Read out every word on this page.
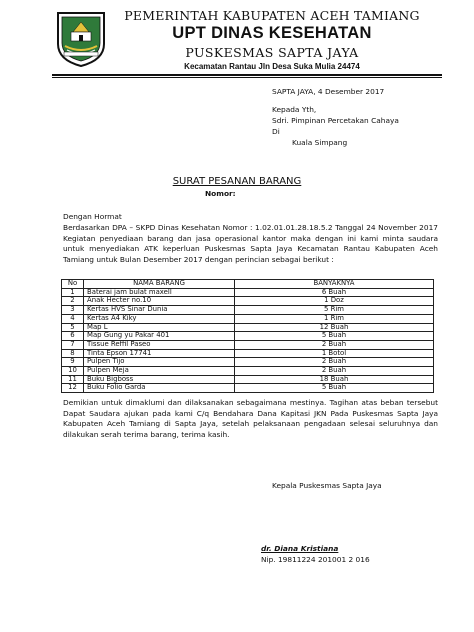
PEMERINTAH KABUPATEN ACEH TAMIANG
UPT DINAS KESEHATAN
PUSKESMAS SAPTA JAYA
Kecamatan Rantau Jln Desa Suka Mulia 24474
SAPTA JAYA, 4 Desember 2017
Kepada Yth,
Sdri. Pimpinan Percetakan Cahaya
Di
Kuala Simpang
SURAT PESANAN BARANG
Nomor:
Dengan Hormat
Berdasarkan DPA – SKPD Dinas Kesehatan Nomor : 1.02.01.01.28.18.5.2 Tanggal 24 November 2017 Kegiatan penyediaan barang dan jasa operasional kantor maka dengan ini kami minta saudara untuk menyediakan ATK keperluan Puskesmas Sapta Jaya Kecamatan Rantau Kabupaten Aceh Tamiang untuk Bulan Desember 2017 dengan perincian sebagai berikut :
No	NAMA BARANG	BANYAKNYA
1	Baterai jam bulat maxell	6 Buah
2	Anak Hecter no.10	1 Doz
3	Kertas HVS Sinar Dunia	5 Rim
4	Kertas A4 Kiky	1 Rim
5	Map L	12 Buah
6	Map Gung yu Pakar 401	5 Buah
7	Tissue Reffil Paseo	2 Buah
8	Tinta Epson 17741	1 Botol
9	Pulpen Tijo	2 Buah
10	Pulpen Meja	2 Buah
11	Buku Bigboss	18 Buah
12	Buku Folio Garda	5 Buah
Demikian untuk dimaklumi dan dilaksanakan sebagaimana mestinya. Tagihan atas beban tersebut Dapat Saudara ajukan pada kami C/q Bendahara Dana Kapitasi JKN Pada Puskesmas Sapta Jaya Kabupaten Aceh Tamiang di Sapta Jaya, setelah pelaksanaan pengadaan selesai seluruhnya dan dilakukan serah terima barang, terima kasih.
Kepala Puskesmas Sapta Jaya
dr. Diana Kristiana
Nip. 19811224 201001 2 016
